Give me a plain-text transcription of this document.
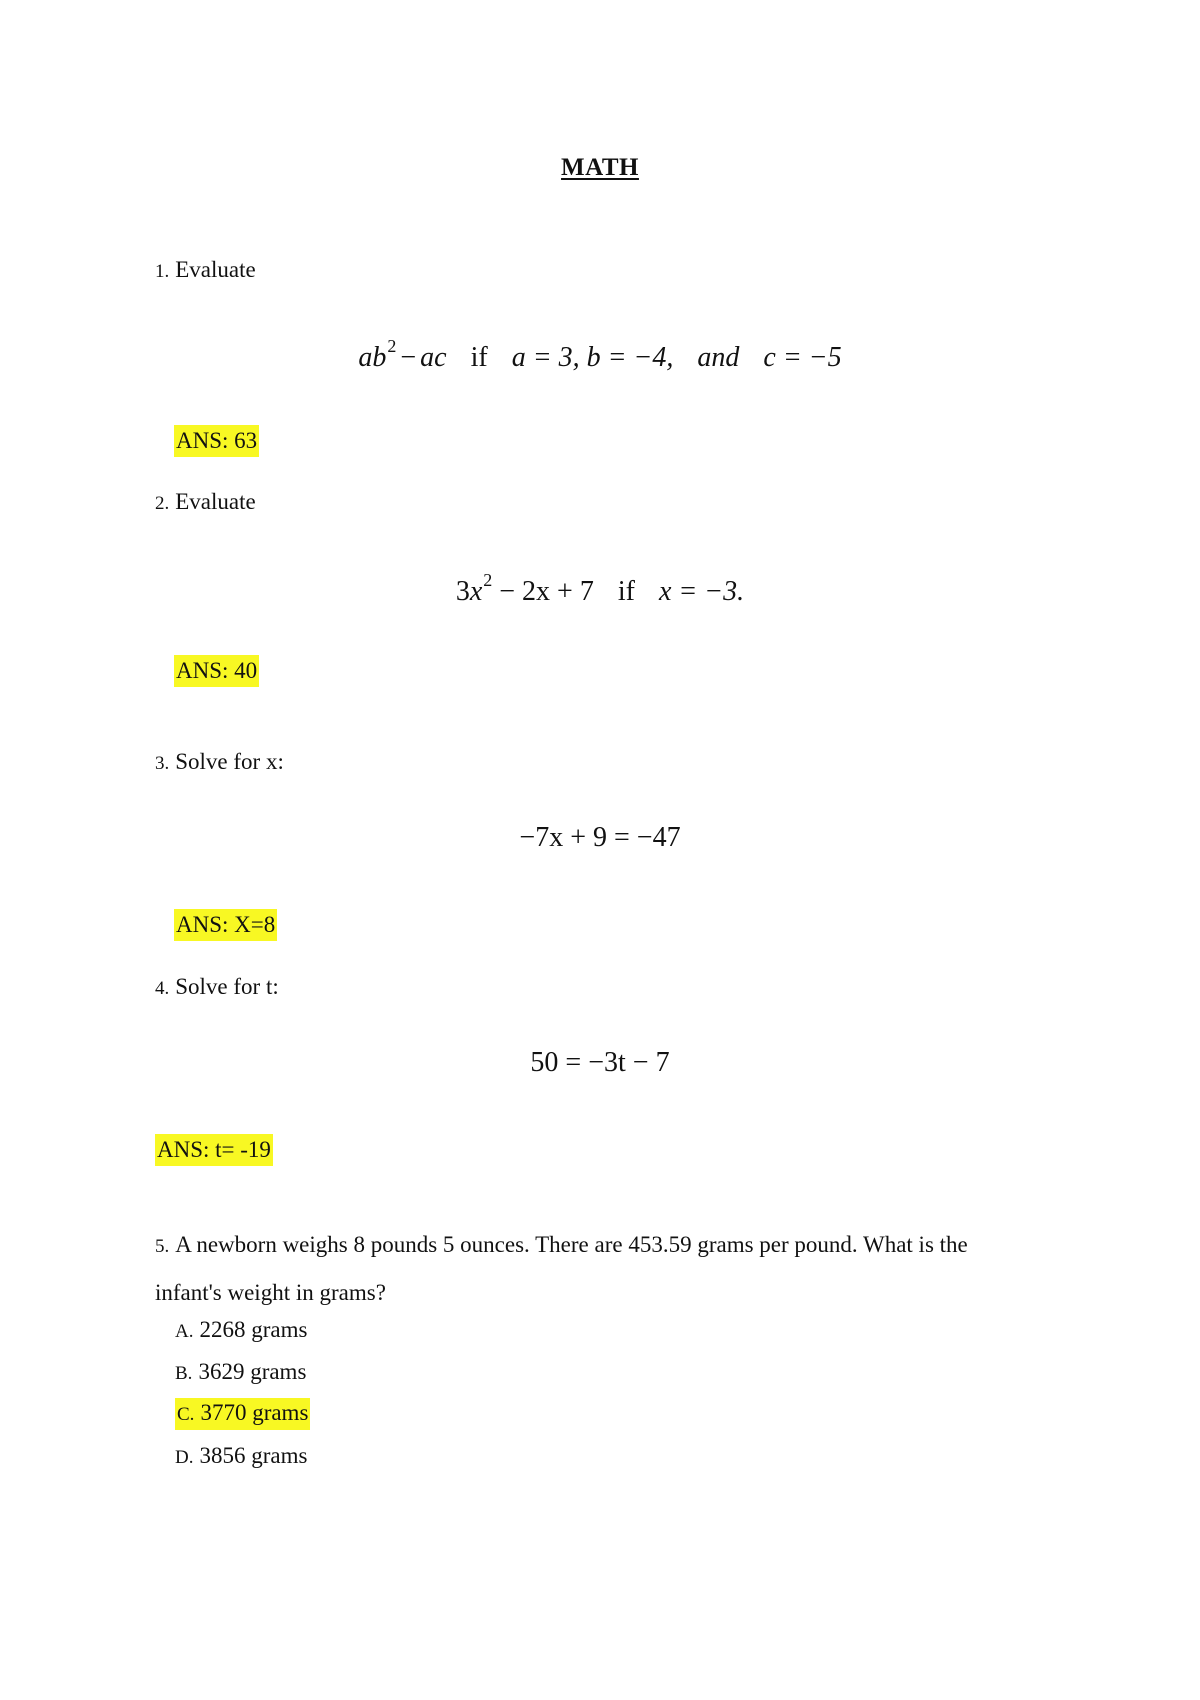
MATH
1. Evaluate
$ab^2$ − ac if a = 3, b = −4, and c = −5
ANS: 63
2. Evaluate
$3x^2 - 2x + 7$ if x = −3.
ANS: 40
3. Solve for x:
−7x + 9 = −47
ANS: X=8
4. Solve for t:
50 = −3t − 7
ANS: t= -19
5. A newborn weighs 8 pounds 5 ounces. There are 453.59 grams per pound. What is the infant's weight in grams?
A. 2268 grams
B. 3629 grams
C. 3770 grams
D. 3856 grams
